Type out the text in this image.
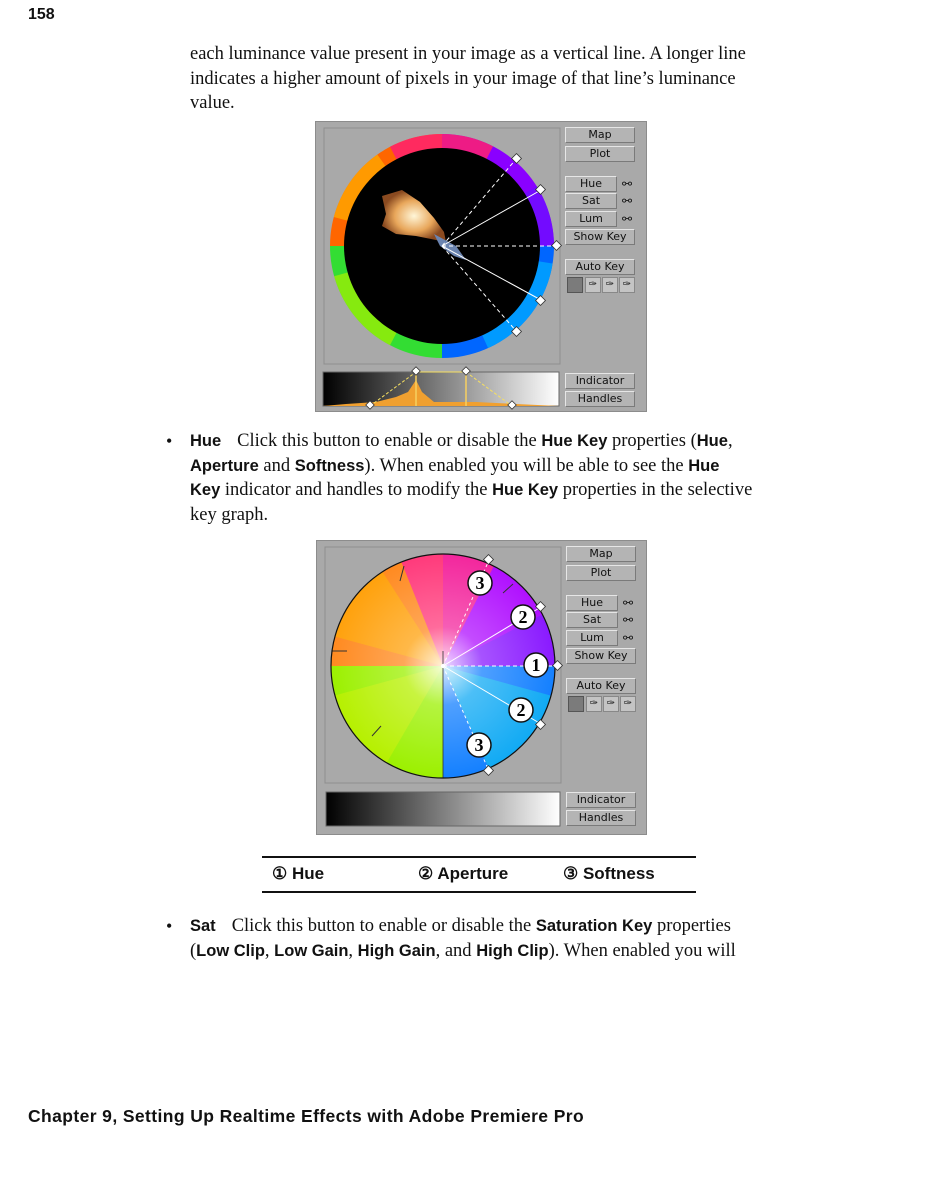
158
each luminance value present in your image as a vertical line. A longer line
indicates a higher amount of pixels in your image of that line’s luminance
value.
Map
Plot
Hue	⚯
Sat	⚯
Lum	⚯
Show Key
Auto Key
✑ ✑ ✑
Indicator
Handles
• Hue Click this button to enable or disable the Hue Key properties (Hue,
Aperture and Softness). When enabled you will be able to see the Hue
Key indicator and handles to modify the Hue Key properties in the selective
key graph.
3
2
1
2
3
Map
Plot
Hue	⚯
Sat	⚯
Lum	⚯
Show Key
Auto Key
✑ ✑ ✑
Indicator
Handles
① Hue	② Aperture	③ Softness
• Sat Click this button to enable or disable the Saturation Key properties
(Low Clip, Low Gain, High Gain, and High Clip). When enabled you will
Chapter 9, Setting Up Realtime Effects with Adobe Premiere Pro
